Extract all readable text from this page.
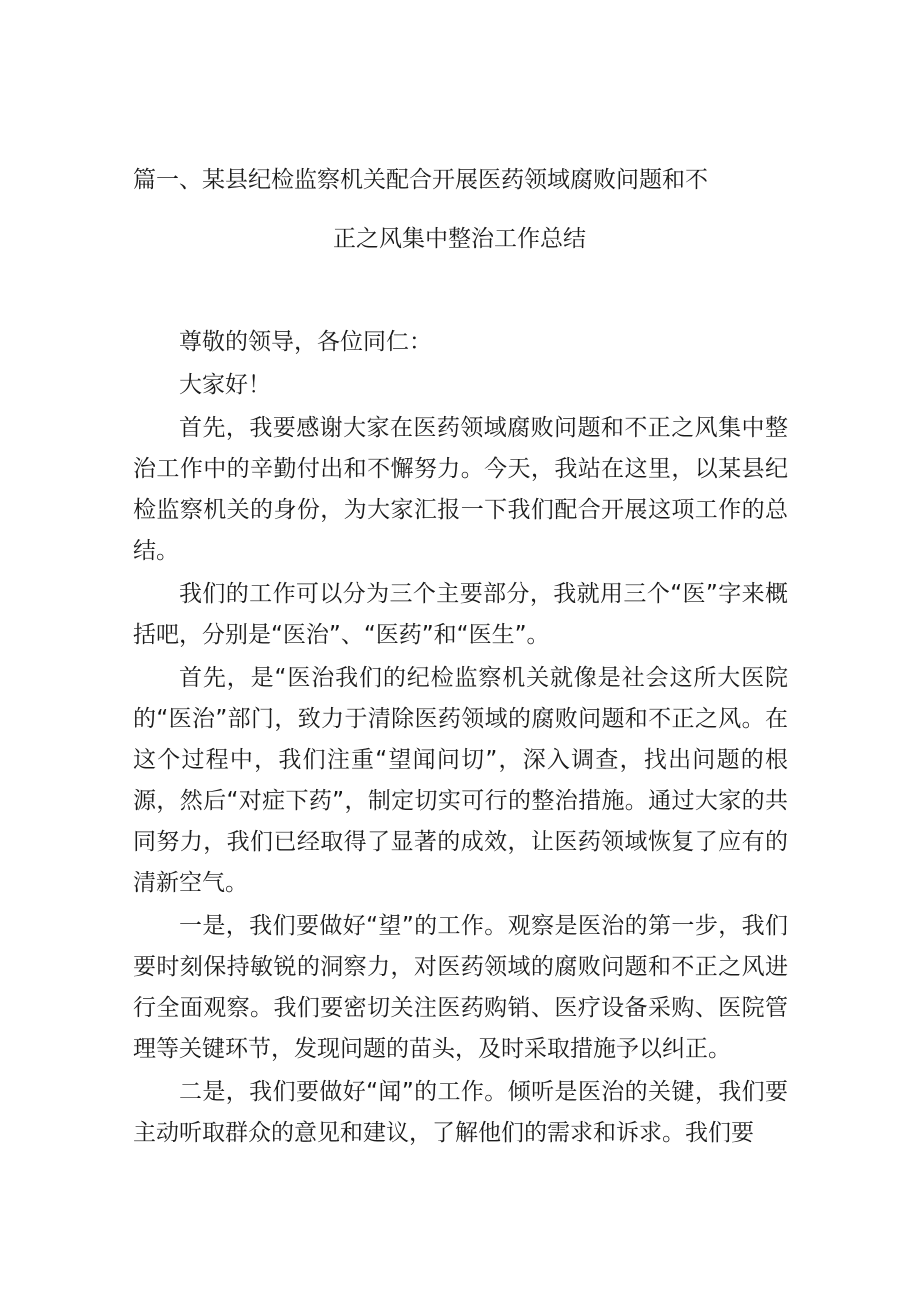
篇一、某县纪检监察机关配合开展医药领域腐败问题和不
正之风集中整治工作总结

尊敬的领导，各位同仁：

大家好！

首先，我要感谢大家在医药领域腐败问题和不正之风集中整治工作中的辛勤付出和不懈努力。今天，我站在这里，以某县纪检监察机关的身份，为大家汇报一下我们配合开展这项工作的总结。

我们的工作可以分为三个主要部分，我就用三个“医”字来概括吧，分别是“医治”、“医药”和“医生”。

首先，是“医治我们的纪检监察机关就像是社会这所大医院的“医治”部门，致力于清除医药领域的腐败问题和不正之风。在这个过程中，我们注重“望闻问切”，深入调查，找出问题的根源，然后“对症下药”，制定切实可行的整治措施。通过大家的共同努力，我们已经取得了显著的成效，让医药领域恢复了应有的清新空气。

一是，我们要做好“望”的工作。观察是医治的第一步，我们要时刻保持敏锐的洞察力，对医药领域的腐败问题和不正之风进行全面观察。我们要密切关注医药购销、医疗设备采购、医院管理等关键环节，发现问题的苗头，及时采取措施予以纠正。

二是，我们要做好“闻”的工作。倾听是医治的关键，我们要主动听取群众的意见和建议，了解他们的需求和诉求。我们要
